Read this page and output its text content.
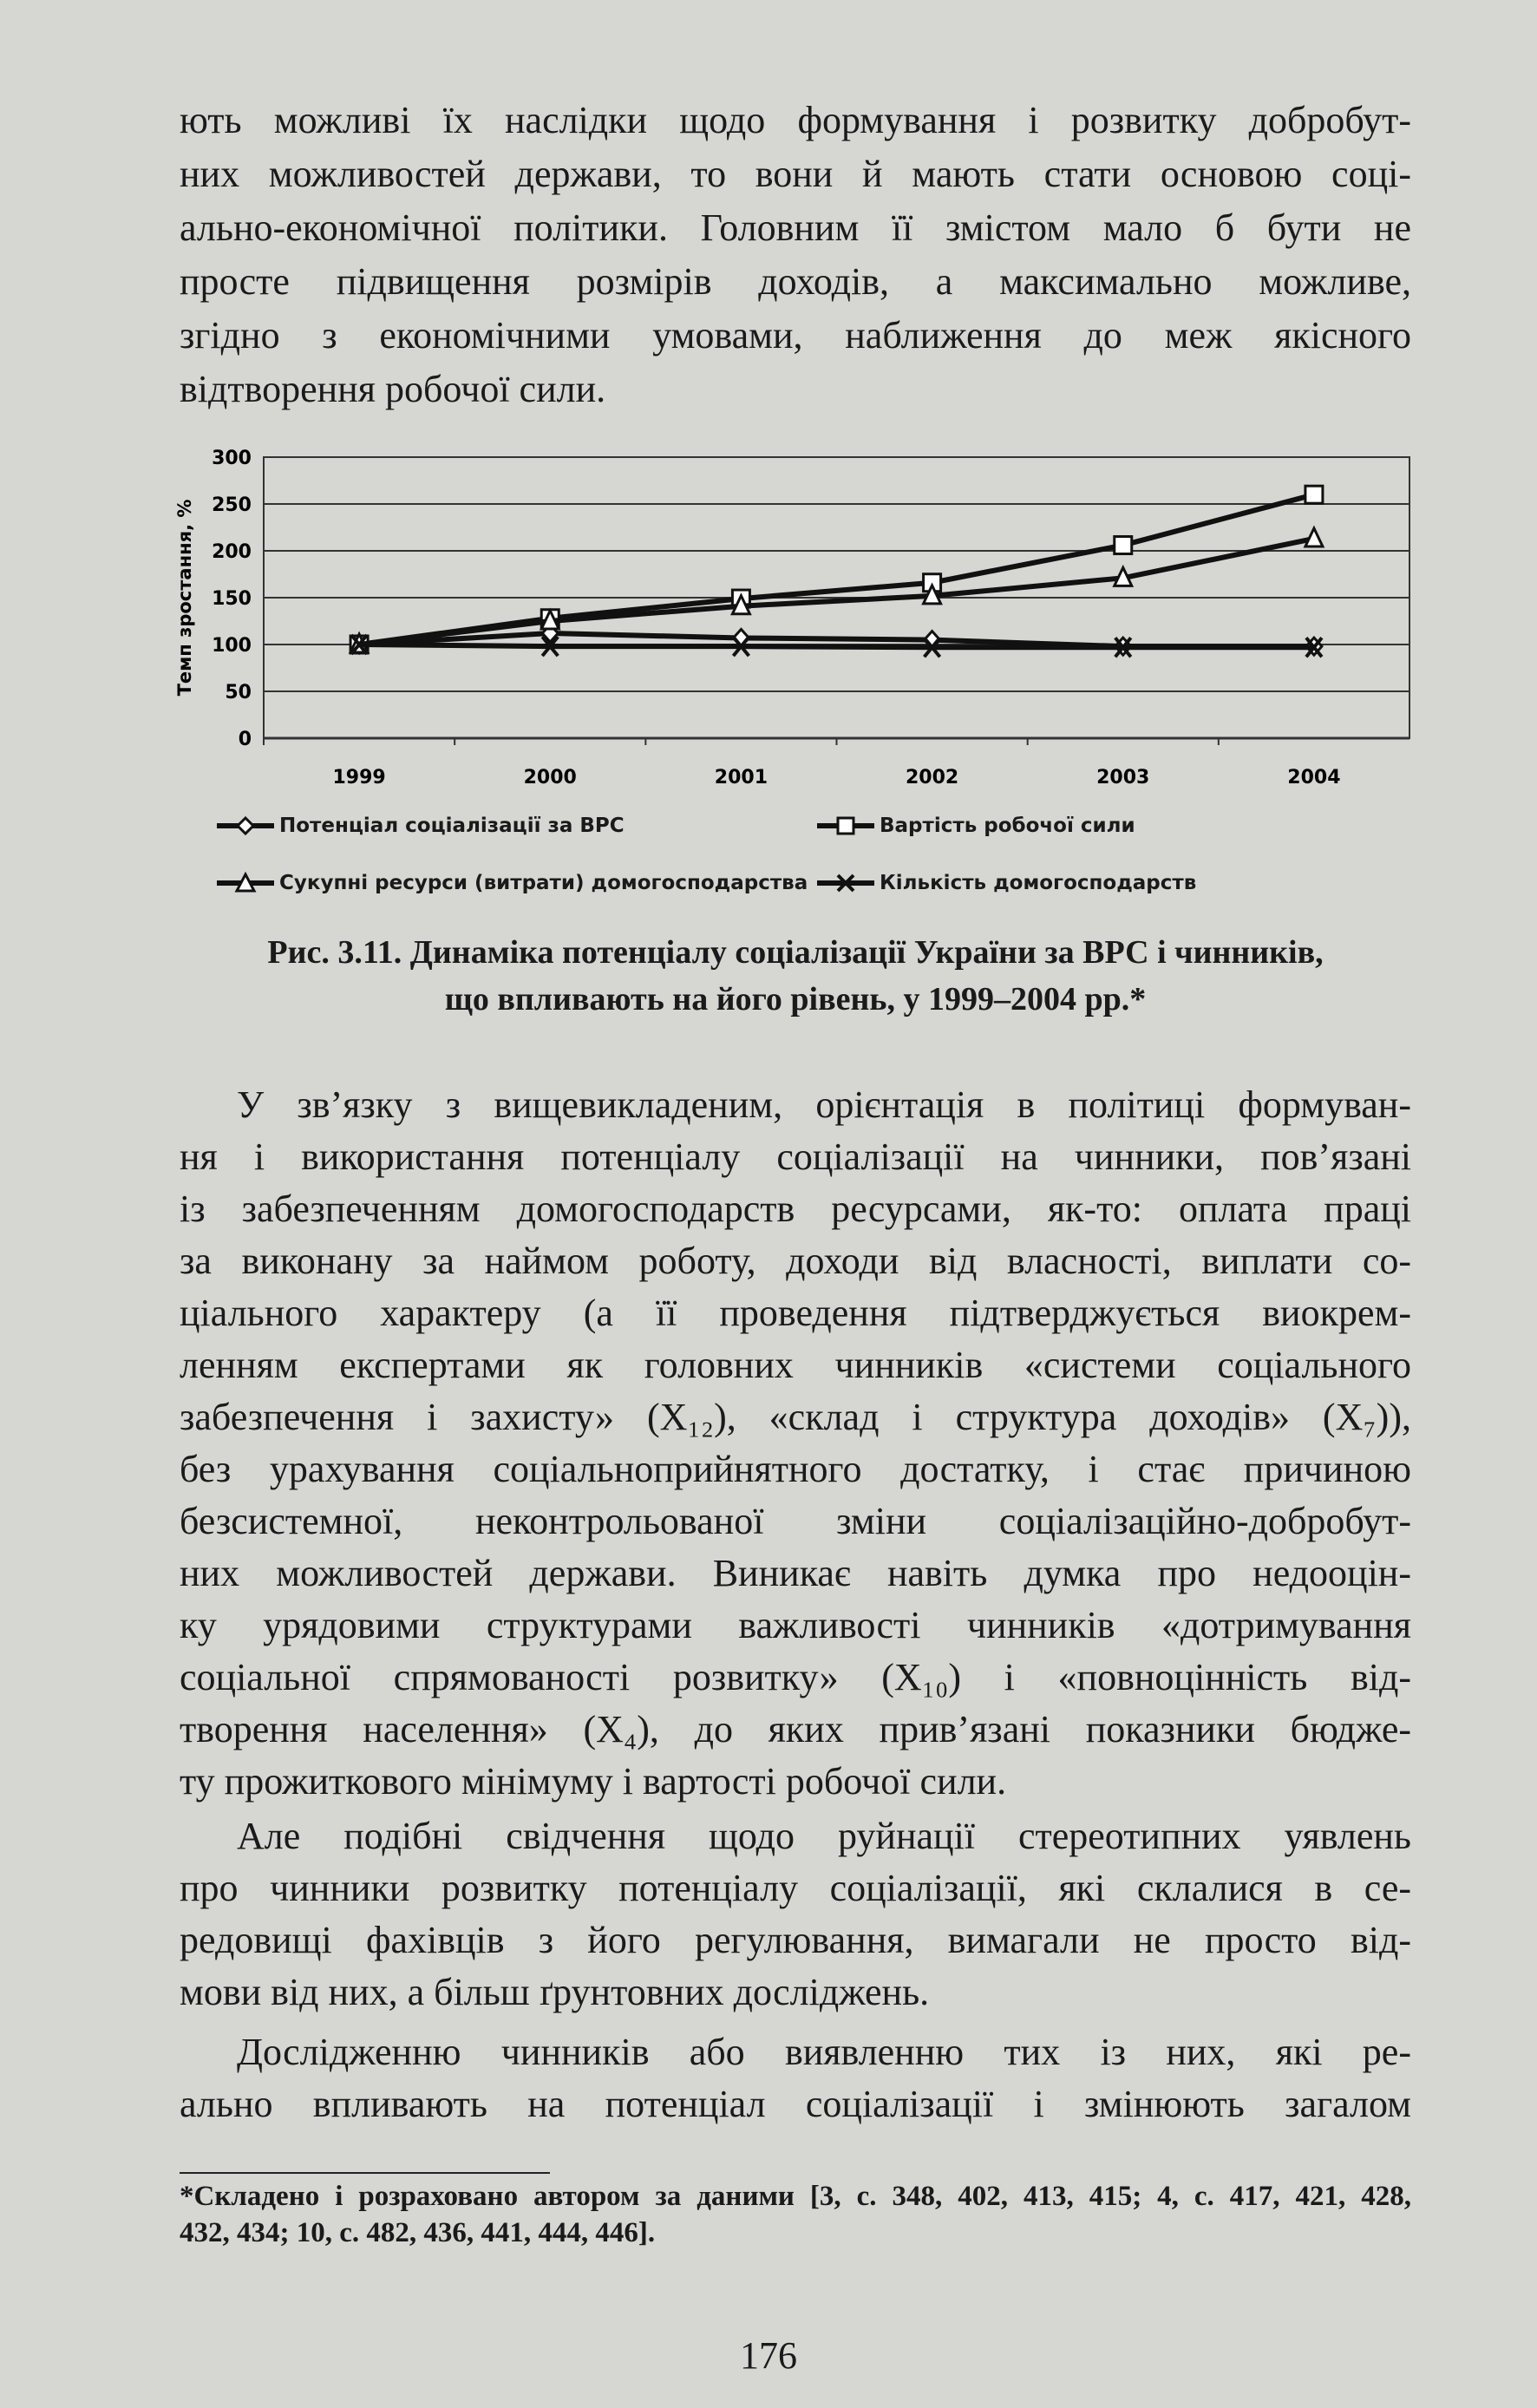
ють можливі їх наслідки щодо формування і розвитку добробут-
них можливостей держави, то вони й мають стати основою соці-
ально-економічної політики. Головним її змістом мало б бути не
просте підвищення розмірів доходів, а максимально можливе,
згідно з економічними умовами, наближення до меж якісного
відтворення робочої сили.
0
50
100
150
200
250
300
1999	2000	2001	2002	2003	2004
Темп зростання, %
Потенціал соціалізації за ВРС	Вартість робочої сили
Сукупні ресурси (витрати) домогосподарства	Кількість домогосподарств
Рис. 3.11. Динаміка потенціалу соціалізації України за ВРС і чинників,
що впливають на його рівень, у 1999–2004 рр.*
У зв’язку з вищевикладеним, орієнтація в політиці формуван-
ня і використання потенціалу соціалізації на чинники, пов’язані
із забезпеченням домогосподарств ресурсами, як-то: оплата праці
за виконану за наймом роботу, доходи від власності, виплати со-
ціального характеру (а її проведення підтверджується виокрем-
ленням експертами як головних чинників «системи соціального
забезпечення і захисту» (X₁₂), «склад і структура доходів» (X₇)),
без урахування соціальноприйнятного достатку, і стає причиною
безсистемної, неконтрольованої зміни соціалізаційно-добробут-
них можливостей держави. Виникає навіть думка про недооцін-
ку урядовими структурами важливості чинників «дотримування
соціальної спрямованості розвитку» (X₁₀) і «повноцінність від-
творення населення» (X₄), до яких прив’язані показники бюдже-
ту прожиткового мінімуму і вартості робочої сили.
Але подібні свідчення щодо руйнації стереотипних уявлень
про чинники розвитку потенціалу соціалізації, які склалися в се-
редовищі фахівців з його регулювання, вимагали не просто від-
мови від них, а більш ґрунтовних досліджень.
Дослідженню чинників або виявленню тих із них, які ре-
ально впливають на потенціал соціалізації і змінюють загалом
*Складено і розраховано автором за даними [3, с. 348, 402, 413, 415; 4, с. 417, 421, 428,
432, 434; 10, с. 482, 436, 441, 444, 446].
176
